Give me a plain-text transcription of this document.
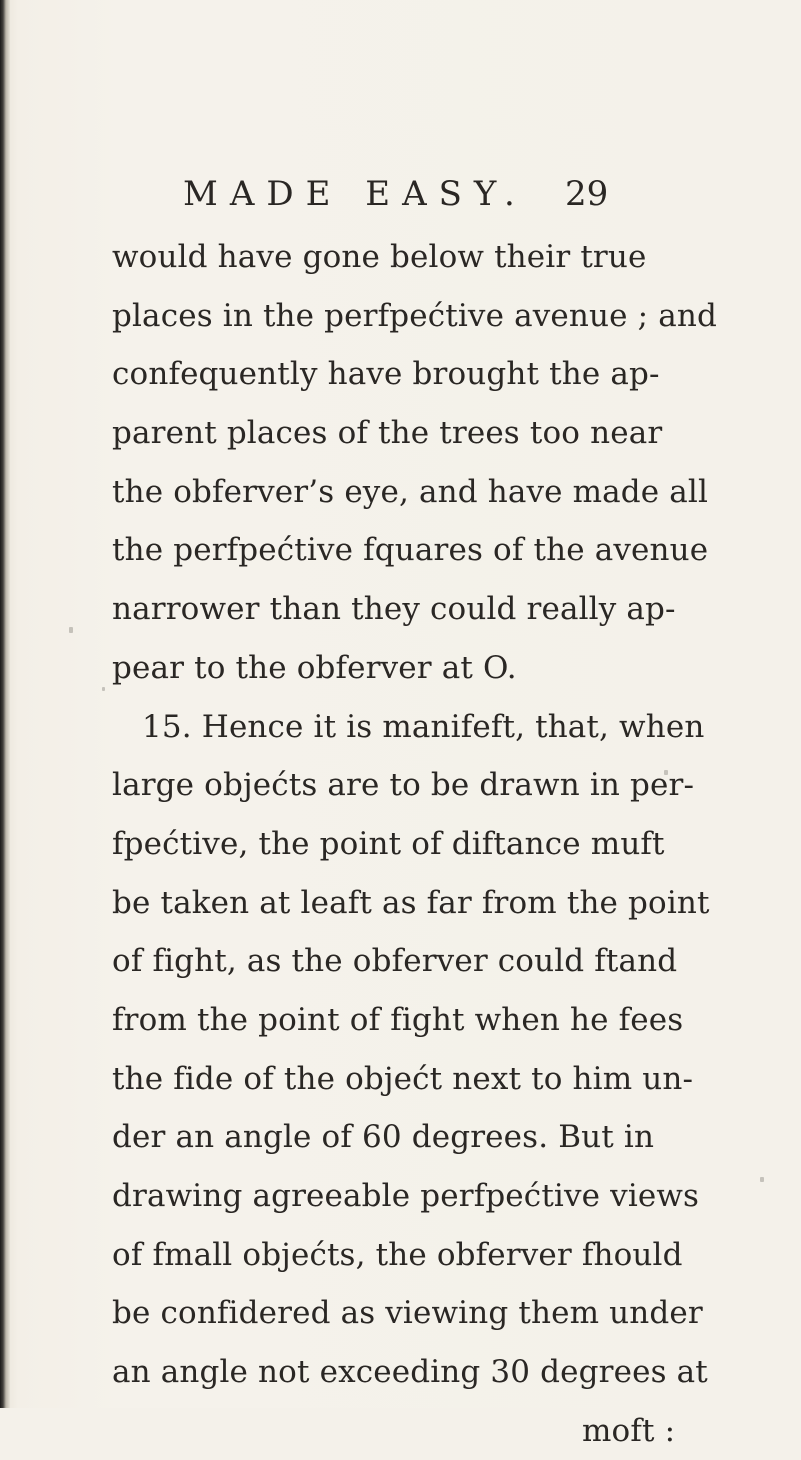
MADE EASY. 29
would have gone below their true
places in the perfpećtive avenue ; and
confequently have brought the ap-
parent places of the trees too near
the obferver’s eye, and have made all
the perfpećtive fquares of the avenue
narrower than they could really ap-
pear to the obferver at O.
15. Hence it is manifeft, that, when
large objećts are to be drawn in per-
fpećtive, the point of diftance muft
be taken at leaft as far from the point
of fight, as the obferver could ftand
from the point of fight when he fees
the fide of the objećt next to him un-
der an angle of 60 degrees. But in
drawing agreeable perfpećtive views
of fmall objećts, the obferver fhould
be confidered as viewing them under
an angle not exceeding 30 degrees at
moft :
